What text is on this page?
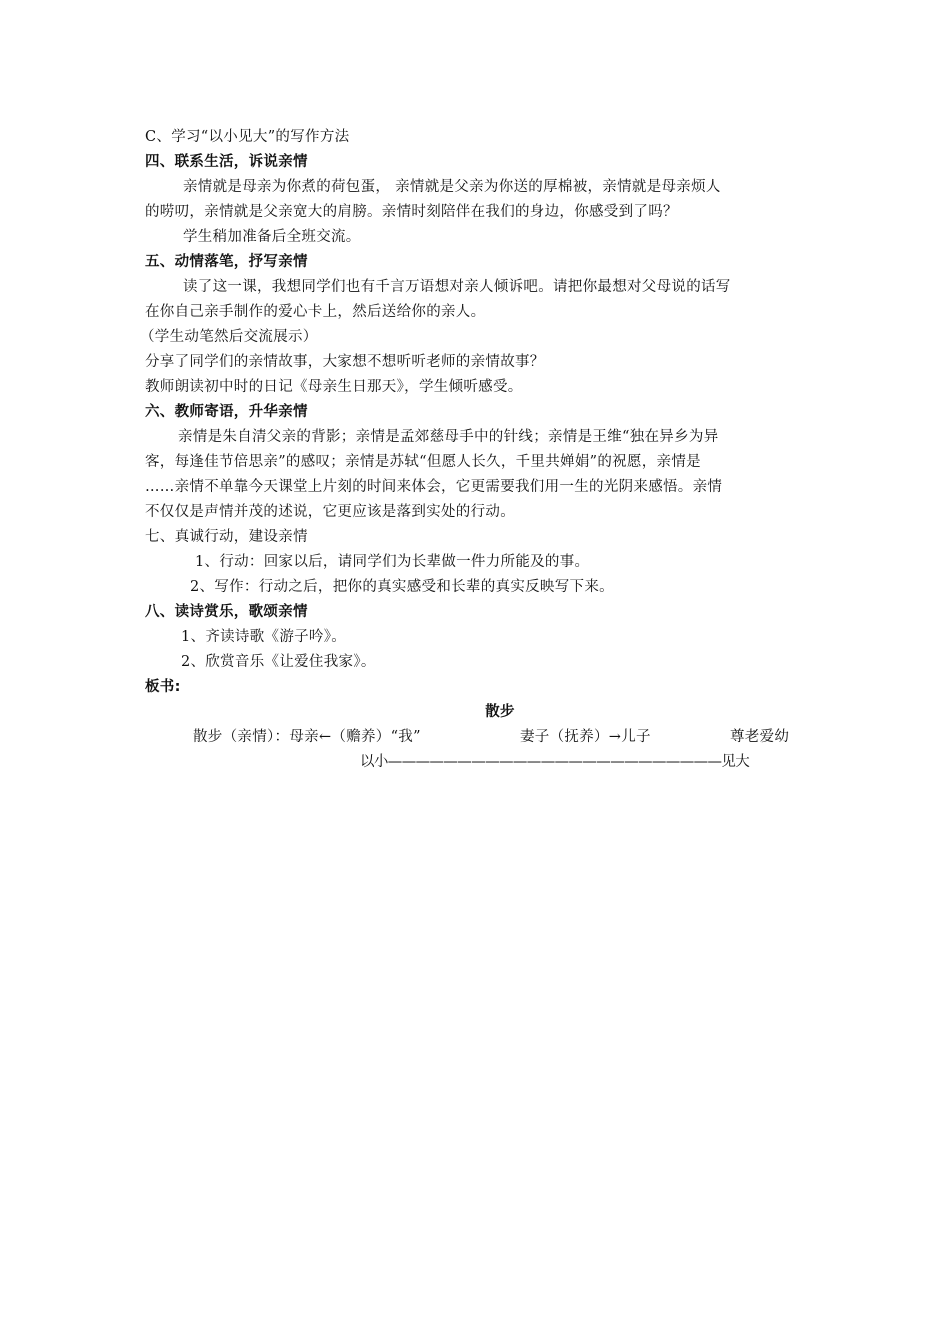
C、学习“以小见大”的写作方法
四、联系生活，诉说亲情
亲情就是母亲为你煮的荷包蛋， 亲情就是父亲为你送的厚棉被，亲情就是母亲烦人
的唠叨，亲情就是父亲宽大的肩膀。亲情时刻陪伴在我们的身边，你感受到了吗？
学生稍加准备后全班交流。
五、动情落笔，抒写亲情
读了这一课，我想同学们也有千言万语想对亲人倾诉吧。请把你最想对父母说的话写
在你自己亲手制作的爱心卡上，然后送给你的亲人。
（学生动笔然后交流展示）
分享了同学们的亲情故事，大家想不想听听老师的亲情故事？
教师朗读初中时的日记《母亲生日那天》，学生倾听感受。
六、教师寄语，升华亲情
亲情是朱自清父亲的背影；亲情是孟郊慈母手中的针线；亲情是王维“独在异乡为异
客，每逢佳节倍思亲”的感叹；亲情是苏轼“但愿人长久，千里共婵娟”的祝愿，亲情是
……亲情不单靠今天课堂上片刻的时间来体会，它更需要我们用一生的光阴来感悟。亲情
不仅仅是声情并茂的述说，它更应该是落到实处的行动。
七、真诚行动，建设亲情
1、行动：回家以后，请同学们为长辈做一件力所能及的事。
2、写作：行动之后，把你的真实感受和长辈的真实反映写下来。
八、读诗赏乐，歌颂亲情
1、齐读诗歌《游子吟》。
2、欣赏音乐《让爱住我家》。
板书:
散步
散步（亲情）：母亲←（赡养）“我”	妻子（抚养）→儿子	尊老爱幼
以小————————————————————————见大
